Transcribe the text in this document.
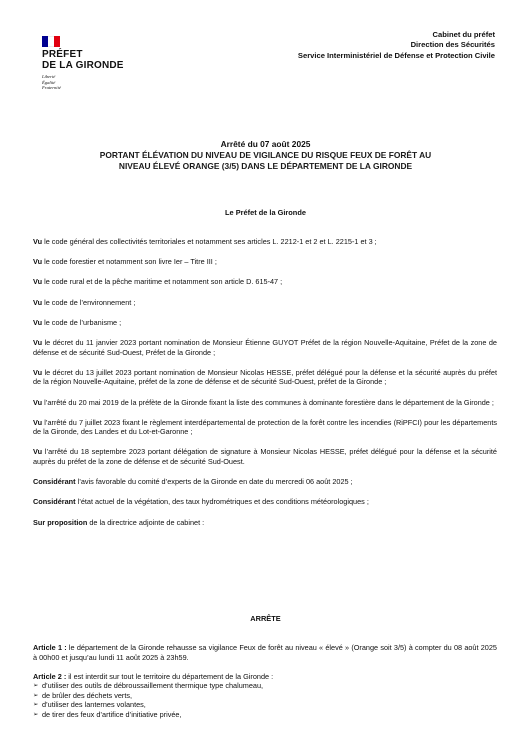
PRÉFET
DE LA GIRONDE
Liberté
Égalité
Fraternité
Cabinet du préfet
Direction des Sécurités
Service Interministériel de Défense et Protection Civile
Arrêté du 07 août 2025
PORTANT ÉLÉVATION DU NIVEAU DE VIGILANCE DU RISQUE FEUX DE FORÊT AU
NIVEAU ÉLEVÉ ORANGE (3/5) DANS LE DÉPARTEMENT DE LA GIRONDE
Le Préfet de la Gironde

Vu le code général des collectivités territoriales et notamment ses articles L. 2212-1 et 2 et L. 2215-1 et 3 ;

Vu le code forestier et notamment son livre Ier – Titre III ;

Vu le code rural et de la pêche maritime et notamment son article D. 615-47 ;

Vu le code de l’environnement ;

Vu le code de l’urbanisme ;

Vu le décret du 11 janvier 2023 portant nomination de Monsieur Étienne GUYOT Préfet de la région Nouvelle-Aquitaine, Préfet de la zone de défense et de sécurité Sud-Ouest, Préfet de la Gironde ;

Vu le décret du 13 juillet 2023 portant nomination de Monsieur Nicolas HESSE, préfet délégué pour la défense et la sécurité auprès du préfet de la région Nouvelle-Aquitaine, préfet de la zone de défense et de sécurité Sud-Ouest, préfet de la Gironde ;

Vu l’arrêté du 20 mai 2019 de la préfète de la Gironde fixant la liste des communes à dominante forestière dans le département de la Gironde ;

Vu l’arrêté du 7 juillet 2023 fixant le règlement interdépartemental de protection de la forêt contre les incendies (RiPFCI) pour les départements de la Gironde, des Landes et du Lot-et-Garonne ;

Vu l’arrêté du 18 septembre 2023 portant délégation de signature à Monsieur Nicolas HESSE, préfet délégué pour la défense et la sécurité auprès du préfet de la zone de défense et de sécurité Sud-Ouest.

Considérant l’avis favorable du comité d’experts de la Gironde en date du mercredi 06 août 2025 ;

Considérant l’état actuel de la végétation, des taux hydrométriques et des conditions météorologiques ;

Sur proposition de la directrice adjointe de cabinet :

ARRÊTE

Article 1 : le département de la Gironde rehausse sa vigilance Feux de forêt au niveau « élevé » (Orange soit 3/5) à compter du 08 août 2025 à 00h00 et jusqu’au lundi 11 août 2025 à 23h59.

Article 2 : il est interdit sur tout le territoire du département de la Gironde :
➢ d’utiliser des outils de débroussaillement thermique type chalumeau,
➢ de brûler des déchets verts,
➢ d’utiliser des lanternes volantes,
➢ de tirer des feux d’artifice d’initiative privée,
